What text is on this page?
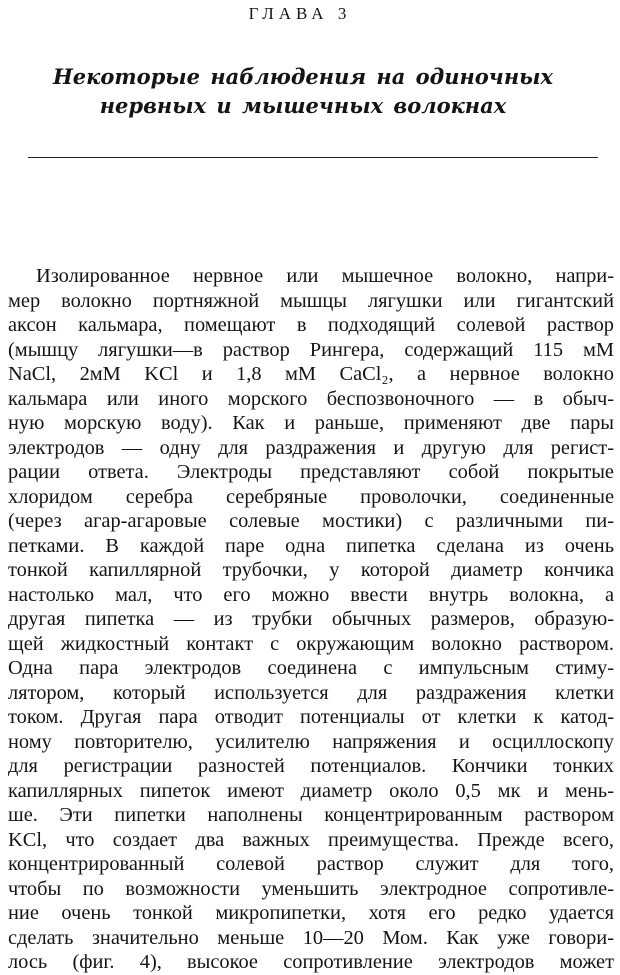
ГЛАВА 3
Некоторые наблюдения на одиночных
нервных и мышечных волокнах
Изолированное нервное или мышечное волокно, напри-
мер волокно портняжной мышцы лягушки или гигантский
аксон кальмара, помещают в подходящий солевой раствор
(мышцу лягушки—в раствор Рингера, содержащий 115 мМ
NaCl, 2мМ KCl и 1,8 мМ CaCl₂, а нервное волокно
кальмара или иного морского беспозвоночного — в обыч-
ную морскую воду). Как и раньше, применяют две пары
электродов — одну для раздражения и другую для регист-
рации ответа. Электроды представляют собой покрытые
хлоридом серебра серебряные проволочки, соединенные
(через агар-агаровые солевые мостики) с различными пи-
петками. В каждой паре одна пипетка сделана из очень
тонкой капиллярной трубочки, у которой диаметр кончика
настолько мал, что его можно ввести внутрь волокна, а
другая пипетка — из трубки обычных размеров, образую-
щей жидкостный контакт с окружающим волокно раствором.
Одна пара электродов соединена с импульсным стиму-
лятором, который используется для раздражения клетки
током. Другая пара отводит потенциалы от клетки к катод-
ному повторителю, усилителю напряжения и осциллоскопу
для регистрации разностей потенциалов. Кончики тонких
капиллярных пипеток имеют диаметр около 0,5 мк и мень-
ше. Эти пипетки наполнены концентрированным раствором
KCl, что создает два важных преимущества. Прежде всего,
концентрированный солевой раствор служит для того,
чтобы по возможности уменьшить электродное сопротивле-
ние очень тонкой микропипетки, хотя его редко удается
сделать значительно меньше 10—20 Мом. Как уже говори-
лось (фиг. 4), высокое сопротивление электродов может
